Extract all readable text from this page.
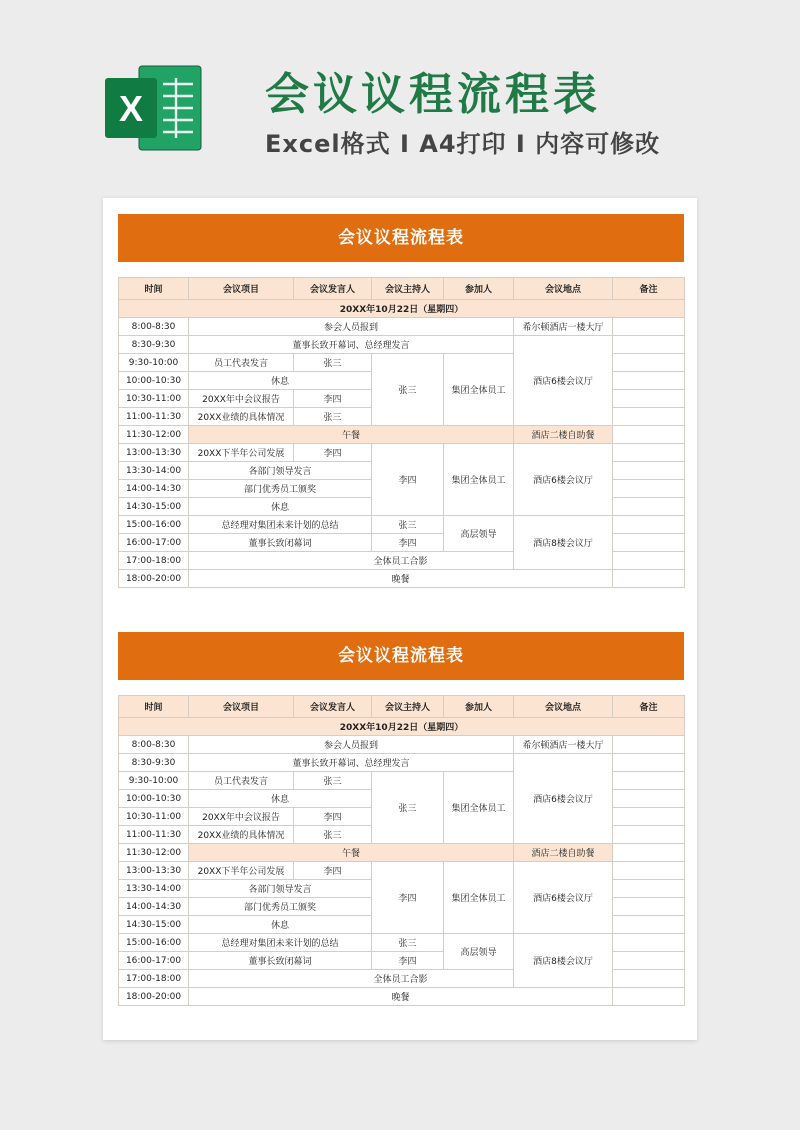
X	会议议程流程表
Excel格式 I A4打印 I 内容可修改
会议议程流程表
时间	会议项目	会议发言人	会议主持人	参加人	会议地点	备注
20XX年10月22日（星期四）						
8:00-8:30	参会人员报到				希尔顿酒店一楼大厅	
8:30-9:30	董事长致开幕词、总经理发言				酒店6楼会议厅	
9:30-10:00	员工代表发言	张三	张三	集团全体员工		
10:00-10:30	休息					
10:30-11:00	20XX年中会议报告	李四				
11:00-11:30	20XX业绩的具体情况	张三				
11:30-12:00	午餐				酒店二楼自助餐	
13:00-13:30	20XX下半年公司发展	李四	李四	集团全体员工	酒店6楼会议厅	
13:30-14:00	各部门领导发言					
14:00-14:30	部门优秀员工颁奖					
14:30-15:00	休息					
15:00-16:00	总经理对集团未来计划的总结		张三	高层领导	酒店8楼会议厅	
16:00-17:00	董事长致闭幕词		李四			
17:00-18:00	全体员工合影					
18:00-20:00	晚餐					
会议议程流程表
时间	会议项目	会议发言人	会议主持人	参加人	会议地点	备注
20XX年10月22日（星期四）						
8:00-8:30	参会人员报到				希尔顿酒店一楼大厅	
8:30-9:30	董事长致开幕词、总经理发言				酒店6楼会议厅	
9:30-10:00	员工代表发言	张三	张三	集团全体员工		
10:00-10:30	休息					
10:30-11:00	20XX年中会议报告	李四				
11:00-11:30	20XX业绩的具体情况	张三				
11:30-12:00	午餐				酒店二楼自助餐	
13:00-13:30	20XX下半年公司发展	李四	李四	集团全体员工	酒店6楼会议厅	
13:30-14:00	各部门领导发言					
14:00-14:30	部门优秀员工颁奖					
14:30-15:00	休息					
15:00-16:00	总经理对集团未来计划的总结		张三	高层领导	酒店8楼会议厅	
16:00-17:00	董事长致闭幕词		李四			
17:00-18:00	全体员工合影					
18:00-20:00	晚餐					
